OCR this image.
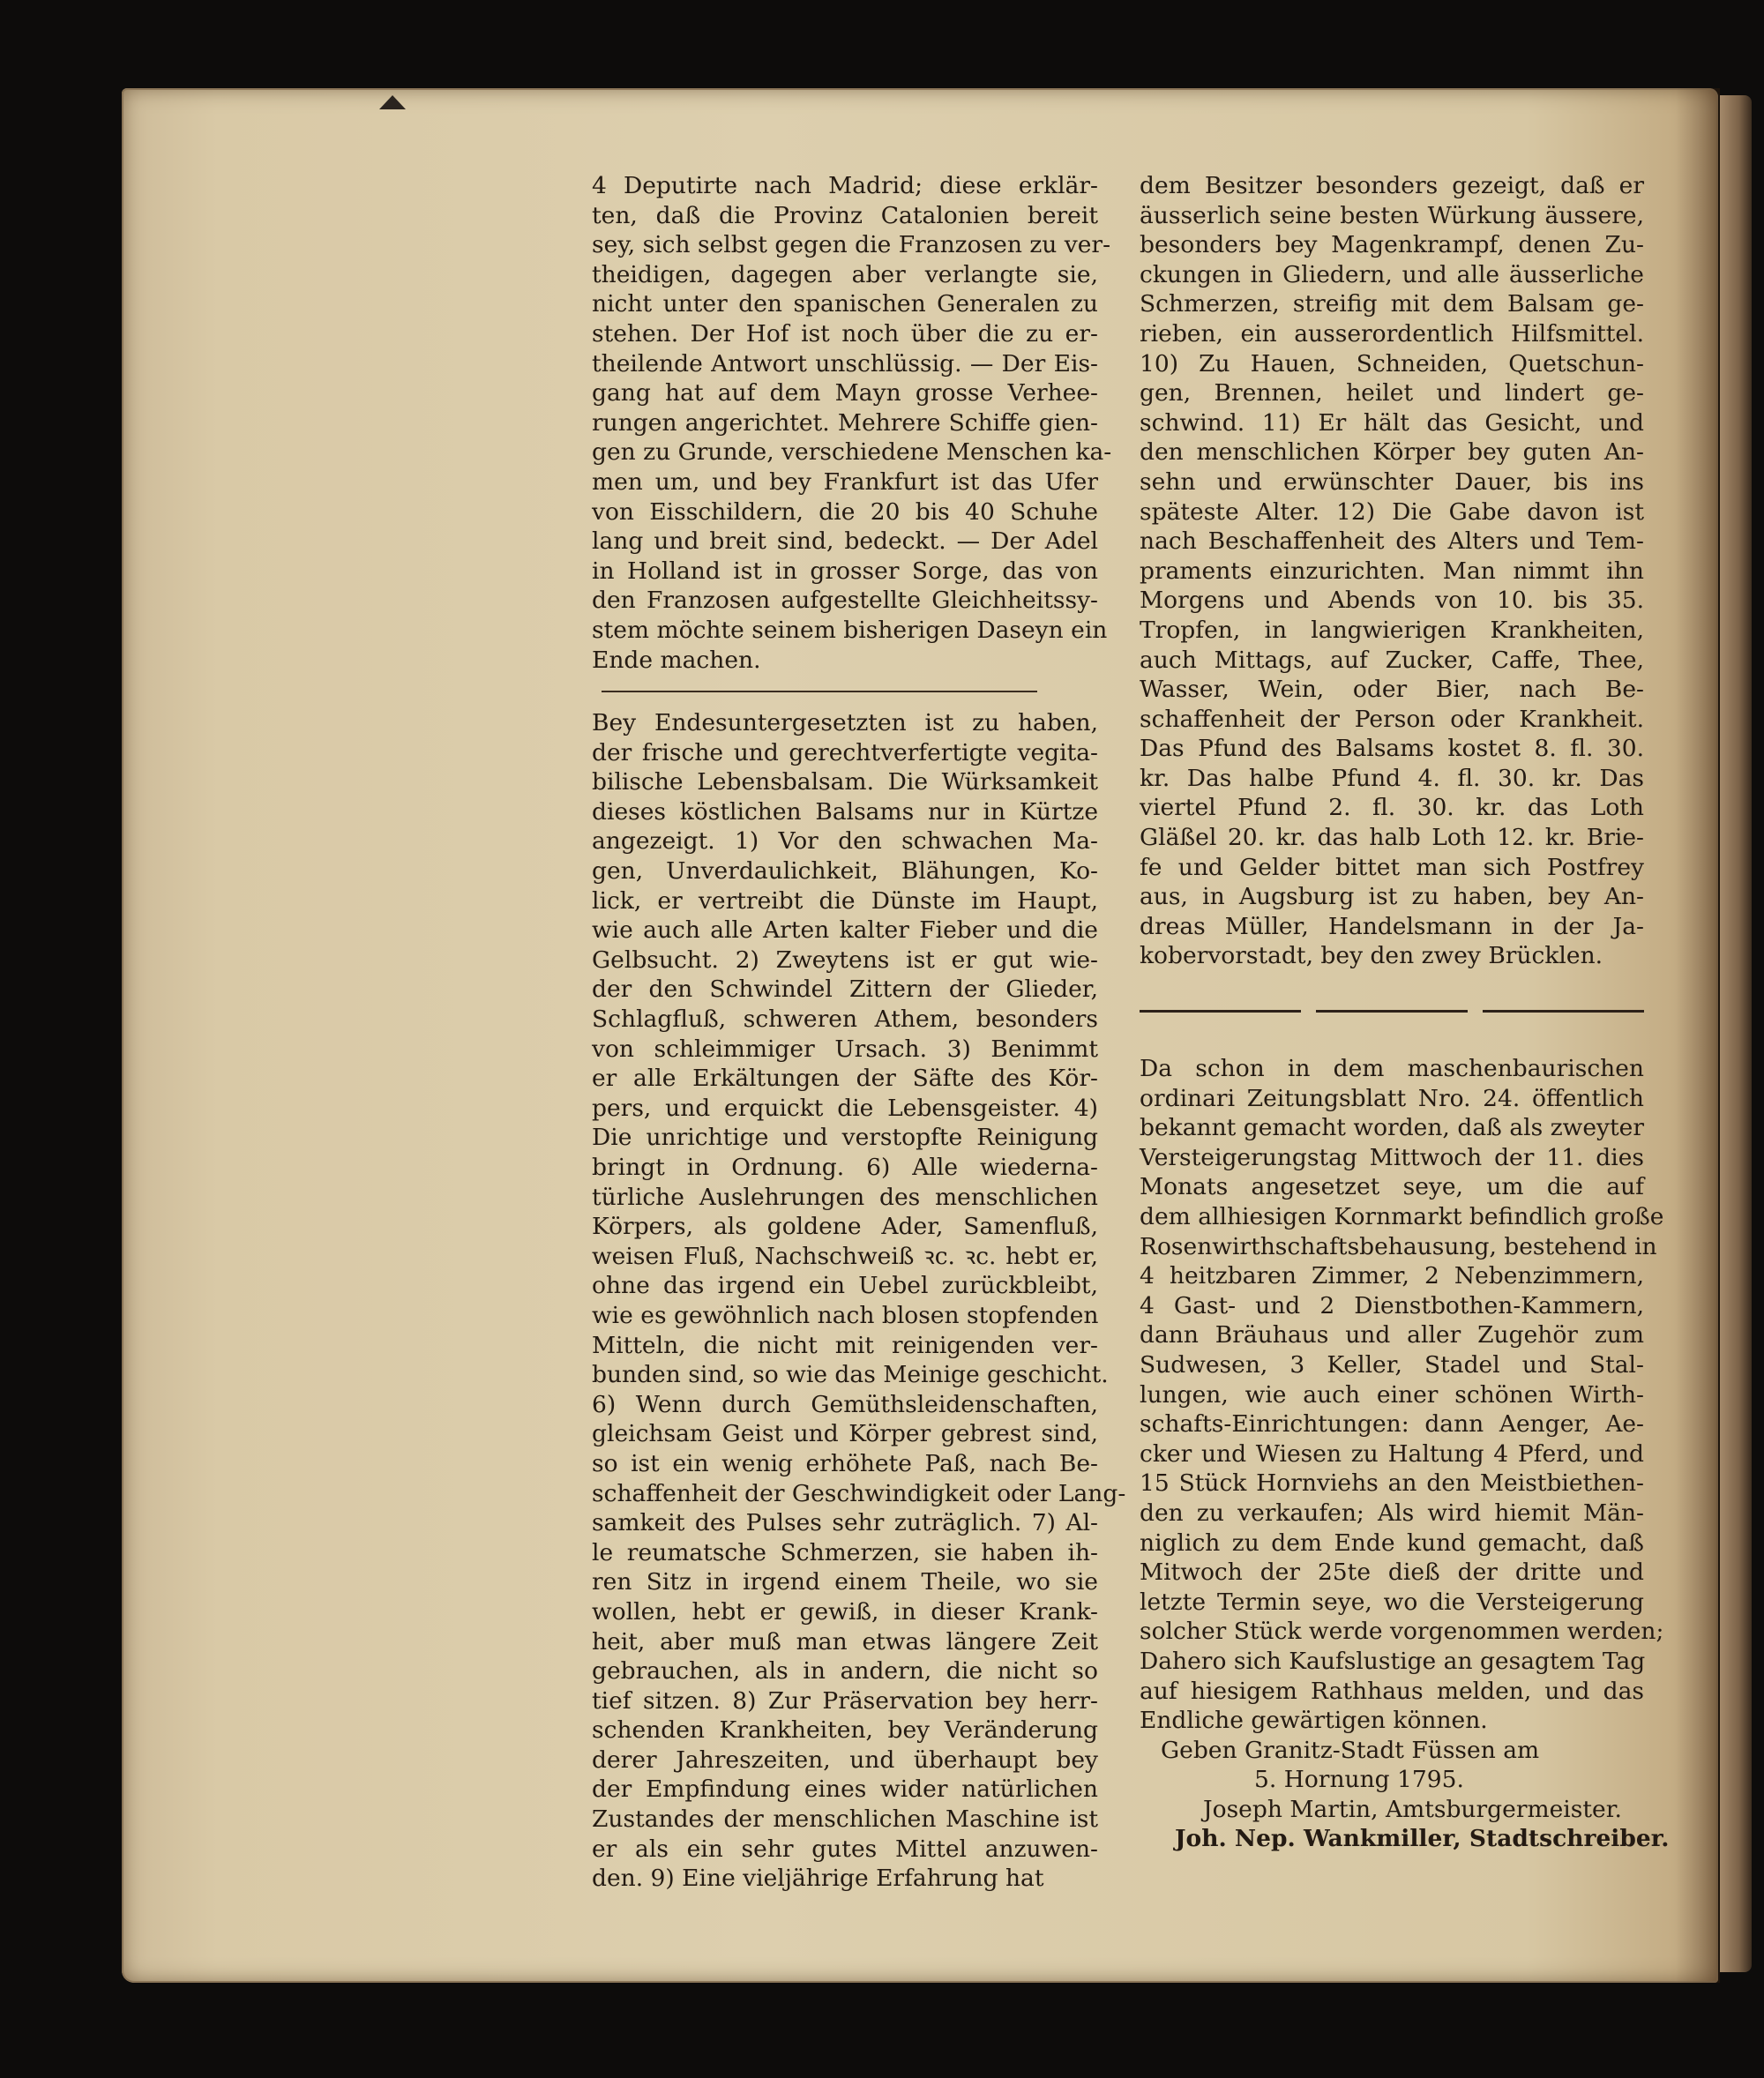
4 Deputirte nach Madrid; diese erklär-

ten, daß die Provinz Catalonien bereit

sey, sich selbst gegen die Franzosen zu ver-

theidigen, dagegen aber verlangte sie,

nicht unter den spanischen Generalen zu

stehen. Der Hof ist noch über die zu er-

theilende Antwort unschlüssig. — Der Eis-

gang hat auf dem Mayn grosse Verhee-

rungen angerichtet. Mehrere Schiffe gien-

gen zu Grunde, verschiedene Menschen ka-

men um, und bey Frankfurt ist das Ufer

von Eisschildern, die 20 bis 40 Schuhe

lang und breit sind, bedeckt. — Der Adel

in Holland ist in grosser Sorge, das von

den Franzosen aufgestellte Gleichheitssy-

stem möchte seinem bisherigen Daseyn ein

Ende machen.

Bey Endesuntergesetzten ist zu haben,

der frische und gerechtverfertigte vegita-

bilische Lebensbalsam. Die Würksamkeit

dieses köstlichen Balsams nur in Kürtze

angezeigt. 1) Vor den schwachen Ma-

gen, Unverdaulichkeit, Blähungen, Ko-

lick, er vertreibt die Dünste im Haupt,

wie auch alle Arten kalter Fieber und die

Gelbsucht. 2) Zweytens ist er gut wie-

der den Schwindel Zittern der Glieder,

Schlagfluß, schweren Athem, besonders

von schleimmiger Ursach. 3) Benimmt

er alle Erkältungen der Säfte des Kör-

pers, und erquickt die Lebensgeister. 4)

Die unrichtige und verstopfte Reinigung

bringt in Ordnung. 6) Alle wiederna-

türliche Auslehrungen des menschlichen

Körpers, als goldene Ader, Samenfluß,

weisen Fluß, Nachschweiß ꝛc. ꝛc. hebt er,

ohne das irgend ein Uebel zurückbleibt,

wie es gewöhnlich nach blosen stopfenden

Mitteln, die nicht mit reinigenden ver-

bunden sind, so wie das Meinige geschicht.

6) Wenn durch Gemüthsleidenschaften,

gleichsam Geist und Körper gebrest sind,

so ist ein wenig erhöhete Paß, nach Be-

schaffenheit der Geschwindigkeit oder Lang-

samkeit des Pulses sehr zuträglich. 7) Al-

le reumatsche Schmerzen, sie haben ih-

ren Sitz in irgend einem Theile, wo sie

wollen, hebt er gewiß, in dieser Krank-

heit, aber muß man etwas längere Zeit

gebrauchen, als in andern, die nicht so

tief sitzen. 8) Zur Präservation bey herr-

schenden Krankheiten, bey Veränderung

derer Jahreszeiten, und überhaupt bey

der Empfindung eines wider natürlichen

Zustandes der menschlichen Maschine ist

er als ein sehr gutes Mittel anzuwen-

den. 9) Eine vieljährige Erfahrung hat

dem Besitzer besonders gezeigt, daß er

äusserlich seine besten Würkung äussere,

besonders bey Magenkrampf, denen Zu-

ckungen in Gliedern, und alle äusserliche

Schmerzen, streifig mit dem Balsam ge-

rieben, ein ausserordentlich Hilfsmittel.

10) Zu Hauen, Schneiden, Quetschun-

gen, Brennen, heilet und lindert ge-

schwind. 11) Er hält das Gesicht, und

den menschlichen Körper bey guten An-

sehn und erwünschter Dauer, bis ins

späteste Alter. 12) Die Gabe davon ist

nach Beschaffenheit des Alters und Tem-

praments einzurichten. Man nimmt ihn

Morgens und Abends von 10. bis 35.

Tropfen, in langwierigen Krankheiten,

auch Mittags, auf Zucker, Caffe, Thee,

Wasser, Wein, oder Bier, nach Be-

schaffenheit der Person oder Krankheit.

Das Pfund des Balsams kostet 8. fl. 30.

kr. Das halbe Pfund 4. fl. 30. kr. Das

viertel Pfund 2. fl. 30. kr. das Loth

Gläßel 20. kr. das halb Loth 12. kr. Brie-

fe und Gelder bittet man sich Postfrey

aus, in Augsburg ist zu haben, bey An-

dreas Müller, Handelsmann in der Ja-

kobervorstadt, bey den zwey Brücklen.

Da schon in dem maschenbaurischen

ordinari Zeitungsblatt Nro. 24. öffentlich

bekannt gemacht worden, daß als zweyter

Versteigerungstag Mittwoch der 11. dies

Monats angesetzet seye, um die auf

dem allhiesigen Kornmarkt befindlich große

Rosenwirthschaftsbehausung, bestehend in

4 heitzbaren Zimmer, 2 Nebenzimmern,

4 Gast- und 2 Dienstbothen-Kammern,

dann Bräuhaus und aller Zugehör zum

Sudwesen, 3 Keller, Stadel und Stal-

lungen, wie auch einer schönen Wirth-

schafts-Einrichtungen: dann Aenger, Ae-

cker und Wiesen zu Haltung 4 Pferd, und

15 Stück Hornviehs an den Meistbiethen-

den zu verkaufen; Als wird hiemit Män-

niglich zu dem Ende kund gemacht, daß

Mitwoch der 25te dieß der dritte und

letzte Termin seye, wo die Versteigerung

solcher Stück werde vorgenommen werden;

Dahero sich Kaufslustige an gesagtem Tag

auf hiesigem Rathhaus melden, und das

Endliche gewärtigen können.

Geben Granitz-Stadt Füssen am

5. Hornung 1795.

Joseph Martin, Amtsburgermeister.

Joh. Nep. Wankmiller, Stadtschreiber.
